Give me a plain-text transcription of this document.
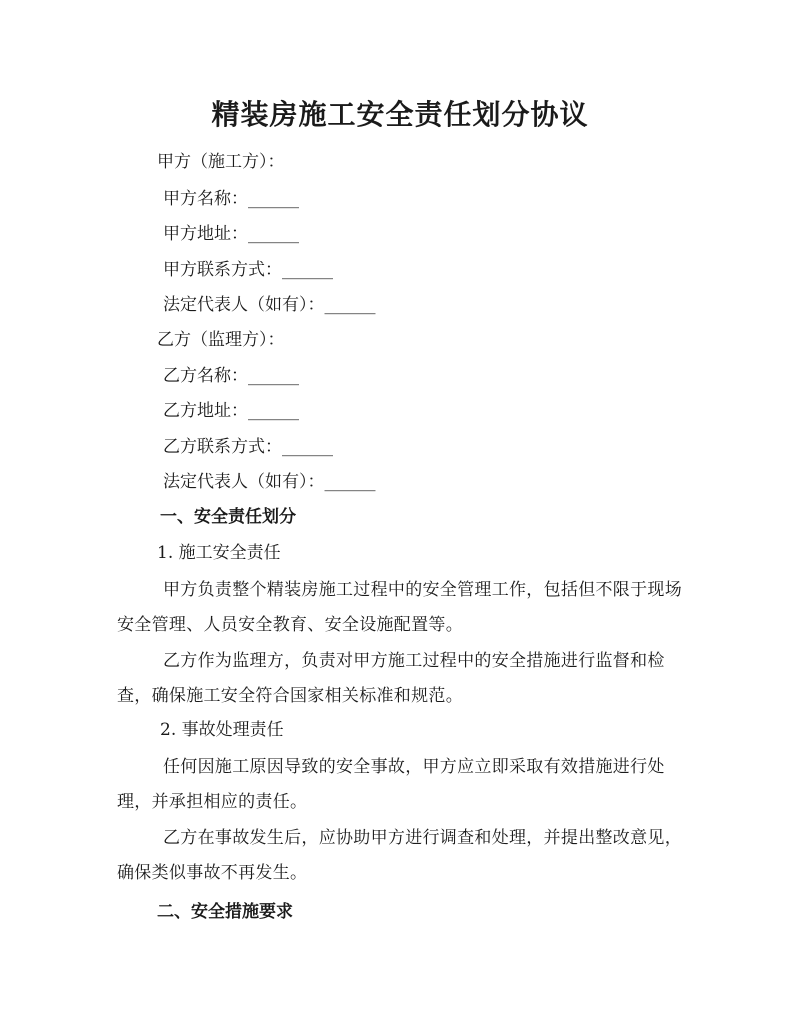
精装房施工安全责任划分协议
甲方（施工方）：
甲方名称：______
甲方地址：______
甲方联系方式：______
法定代表人（如有）：______
乙方（监理方）：
乙方名称：______
乙方地址：______
乙方联系方式：______
法定代表人（如有）：______
一、安全责任划分
1. 施工安全责任
甲方负责整个精装房施工过程中的安全管理工作，包括但不限于现场安全管理、人员安全教育、安全设施配置等。
乙方作为监理方，负责对甲方施工过程中的安全措施进行监督和检查，确保施工安全符合国家相关标准和规范。
2. 事故处理责任
任何因施工原因导致的安全事故，甲方应立即采取有效措施进行处理，并承担相应的责任。
乙方在事故发生后，应协助甲方进行调查和处理，并提出整改意见，确保类似事故不再发生。
二、安全措施要求
